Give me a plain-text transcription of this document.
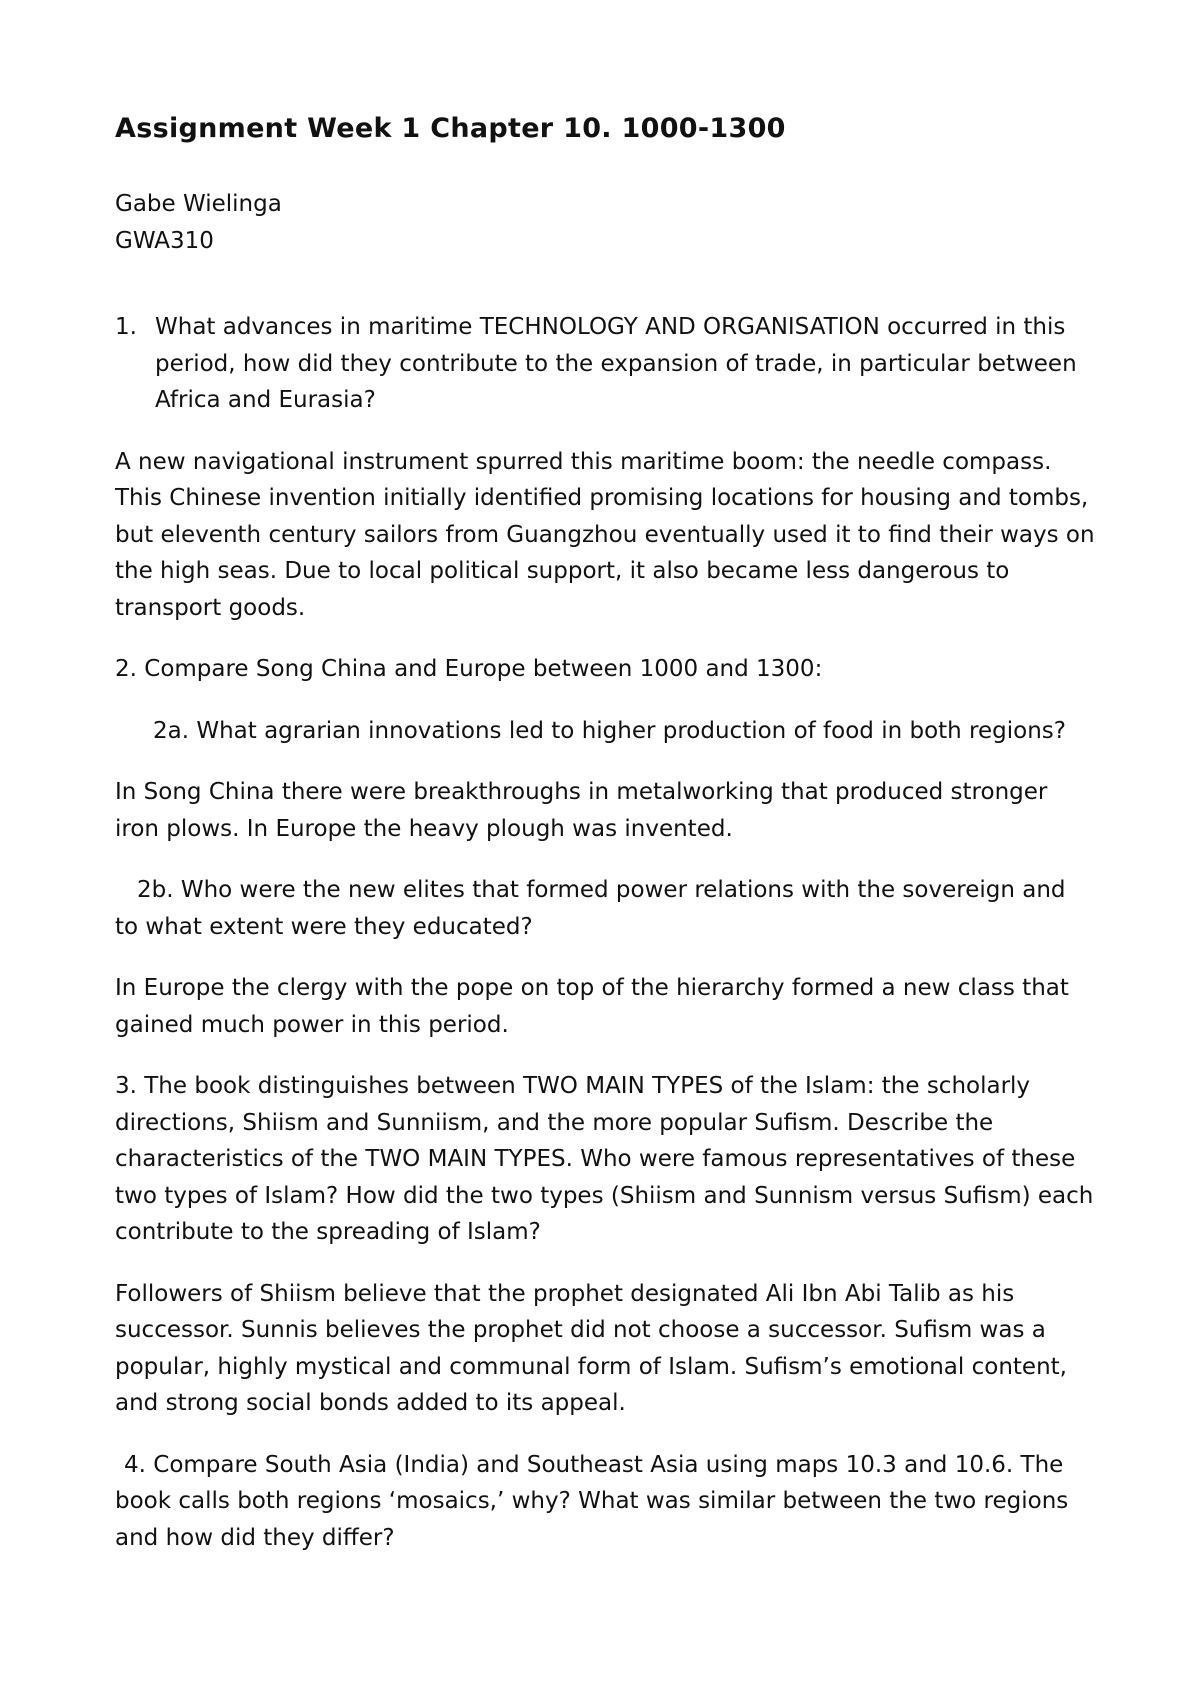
Assignment Week 1 Chapter 10. 1000-1300

Gabe Wielinga

GWA310

1. What advances in maritime TECHNOLOGY AND ORGANISATION occurred in this period, how did they contribute to the expansion of trade, in particular between Africa and Eurasia?

A new navigational instrument spurred this maritime boom: the needle compass. This Chinese invention initially identified promising locations for housing and tombs, but eleventh century sailors from Guangzhou eventually used it to find their ways on the high seas. Due to local political support, it also became less dangerous to transport goods.

2. Compare Song China and Europe between 1000 and 1300:

2a. What agrarian innovations led to higher production of food in both regions?

In Song China there were breakthroughs in metalworking that produced stronger iron plows. In Europe the heavy plough was invented.

2b. Who were the new elites that formed power relations with the sovereign and to what extent were they educated?

In Europe the clergy with the pope on top of the hierarchy formed a new class that gained much power in this period.

3. The book distinguishes between TWO MAIN TYPES of the Islam: the scholarly directions, Shiism and Sunniism, and the more popular Sufism. Describe the characteristics of the TWO MAIN TYPES. Who were famous representatives of these two types of Islam? How did the two types (Shiism and Sunnism versus Sufism) each contribute to the spreading of Islam?

Followers of Shiism believe that the prophet designated Ali Ibn Abi Talib as his successor. Sunnis believes the prophet did not choose a successor. Sufism was a popular, highly mystical and communal form of Islam. Sufism’s emotional content, and strong social bonds added to its appeal.

4. Compare South Asia (India) and Southeast Asia using maps 10.3 and 10.6. The book calls both regions ‘mosaics,’ why? What was similar between the two regions and how did they differ?
